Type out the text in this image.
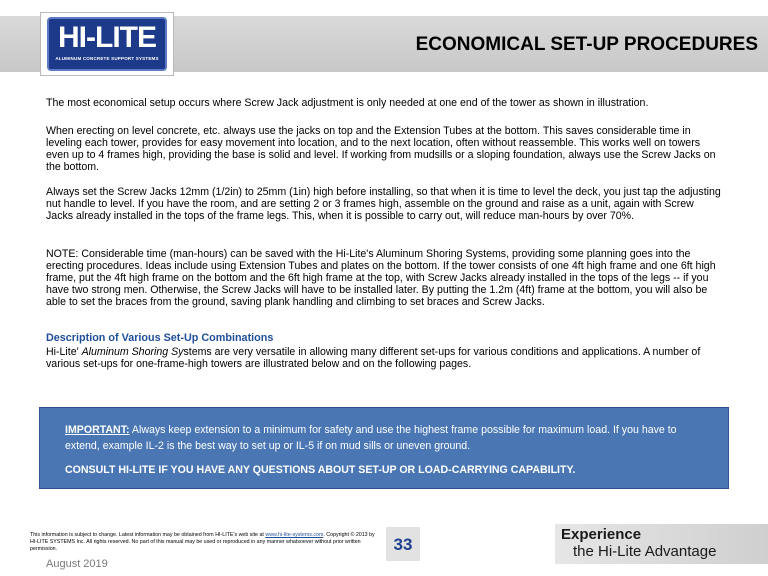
HI-LITE
ALUMINUM CONCRETE SUPPORT SYSTEMS
ECONOMICAL SET-UP PROCEDURES
The most economical setup occurs where Screw Jack adjustment is only needed at one end of the tower as shown in illustration.
When erecting on level concrete, etc. always use the jacks on top and the Extension Tubes at the bottom. This saves considerable time in leveling each tower, provides for easy movement into location, and to the next location, often without reassemble. This works well on towers even up to 4 frames high, providing the base is solid and level. If working from mudsills or a sloping foundation, always use the Screw Jacks on the bottom.
Always set the Screw Jacks 12mm (1/2in) to 25mm (1in) high before installing, so that when it is time to level the deck, you just tap the adjusting nut handle to level. If you have the room, and are setting 2 or 3 frames high, assemble on the ground and raise as a unit, again with Screw Jacks already installed in the tops of the frame legs. This, when it is possible to carry out, will reduce man-hours by over 70%.
NOTE: Considerable time (man-hours) can be saved with the Hi-Lite's Aluminum Shoring Systems, providing some planning goes into the erecting procedures. Ideas include using Extension Tubes and plates on the bottom. If the tower consists of one 4ft high frame and one 6ft high frame, put the 4ft high frame on the bottom and the 6ft high frame at the top, with Screw Jacks already installed in the tops of the legs -- if you have two strong men. Otherwise, the Screw Jacks will have to be installed later. By putting the 1.2m (4ft) frame at the bottom, you will also be able to set the braces from the ground, saving plank handling and climbing to set braces and Screw Jacks.
Description of Various Set-Up Combinations
Hi-Lite' Aluminum Shoring Systems are very versatile in allowing many different set-ups for various conditions and applications. A number of various set-ups for one-frame-high towers are illustrated below and on the following pages.
IMPORTANT: Always keep extension to a minimum for safety and use the highest frame possible for maximum load. If you have to extend, example IL-2 is the best way to set up or IL-5 if on mud sills or uneven ground.
CONSULT HI-LITE IF YOU HAVE ANY QUESTIONS ABOUT SET-UP OR LOAD-CARRYING CAPABILITY.
This information is subject to change. Latest information may be obtained from HI-LITE's web site at www.hi-lite-systems.com. Copyright © 2013 by HI-LITE SYSTEMS Inc. All rights reserved. No part of this manual may be used or reproduced in any manner whatsoever without prior written permission.	33
Experience
the Hi-Lite Advantage
August 2019
